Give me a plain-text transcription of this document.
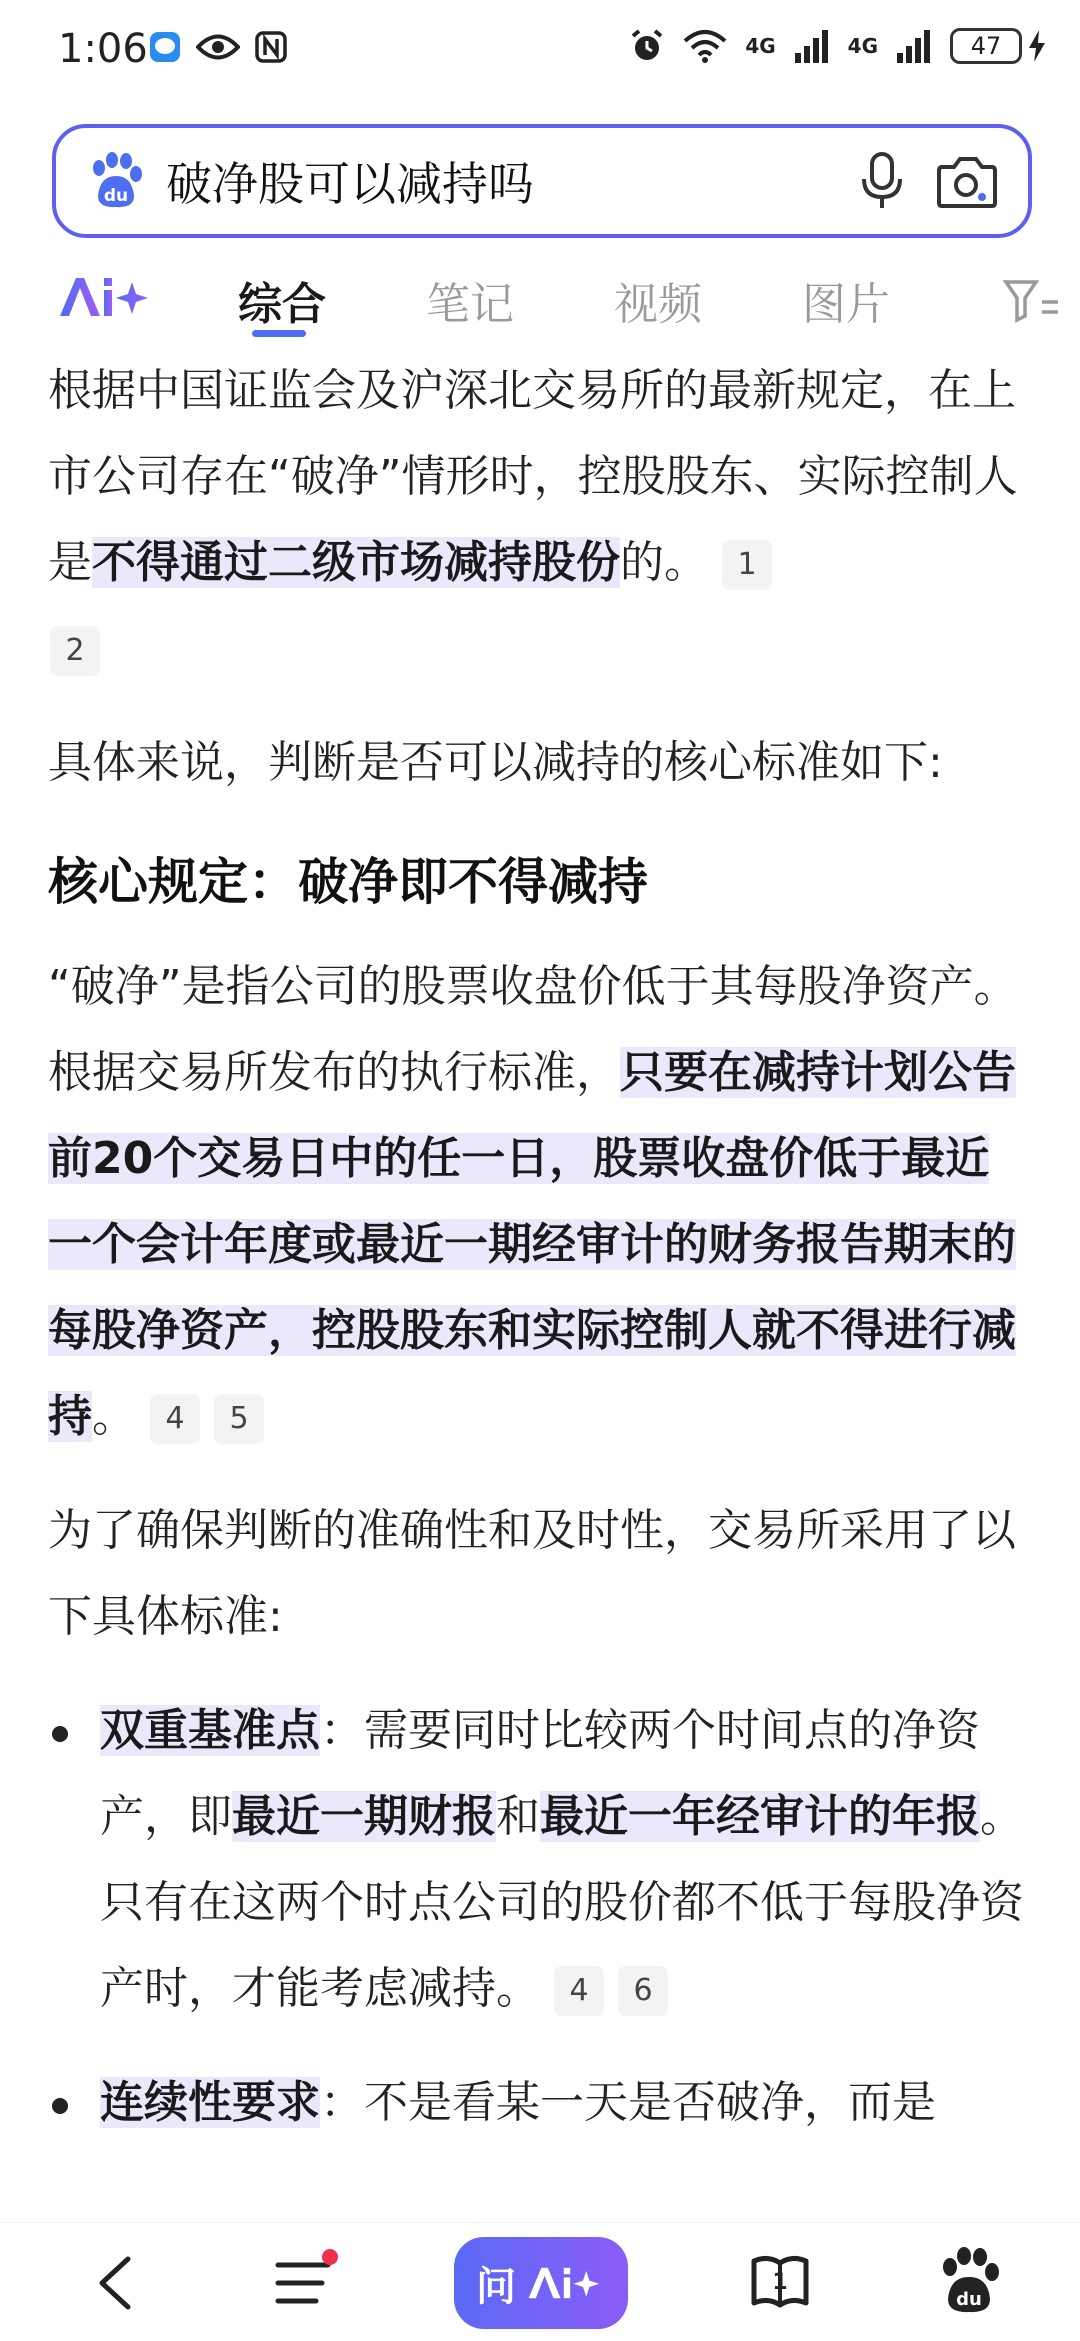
1:06	4G	4G	47
du 破净股可以减持吗
综合 笔记 视频 图片

根据中国证监会及沪深北交易所的最新规定，在上市公司存在“破净”情形时，控股股东、实际控制人是不得通过二级市场减持股份的。 1
2

具体来说，判断是否可以减持的核心标准如下:

核心规定：破净即不得减持

“破净”是指公司的股票收盘价低于其每股净资产。根据交易所发布的执行标准，只要在减持计划公告前20个交易日中的任一日，股票收盘价低于最近一个会计年度或最近一期经审计的财务报告期末的每股净资产，控股股东和实际控制人就不得进行减持。 4 5

为了确保判断的准确性和及时性，交易所采用了以下具体标准:

双重基准点：需要同时比较两个时间点的净资产，即最近一期财报和最近一年经审计的年报。只有在这两个时点公司的股价都不低于每股净资产时，才能考虑减持。 4 6

连续性要求：不是看某一天是否破净，而是

问	1
du
